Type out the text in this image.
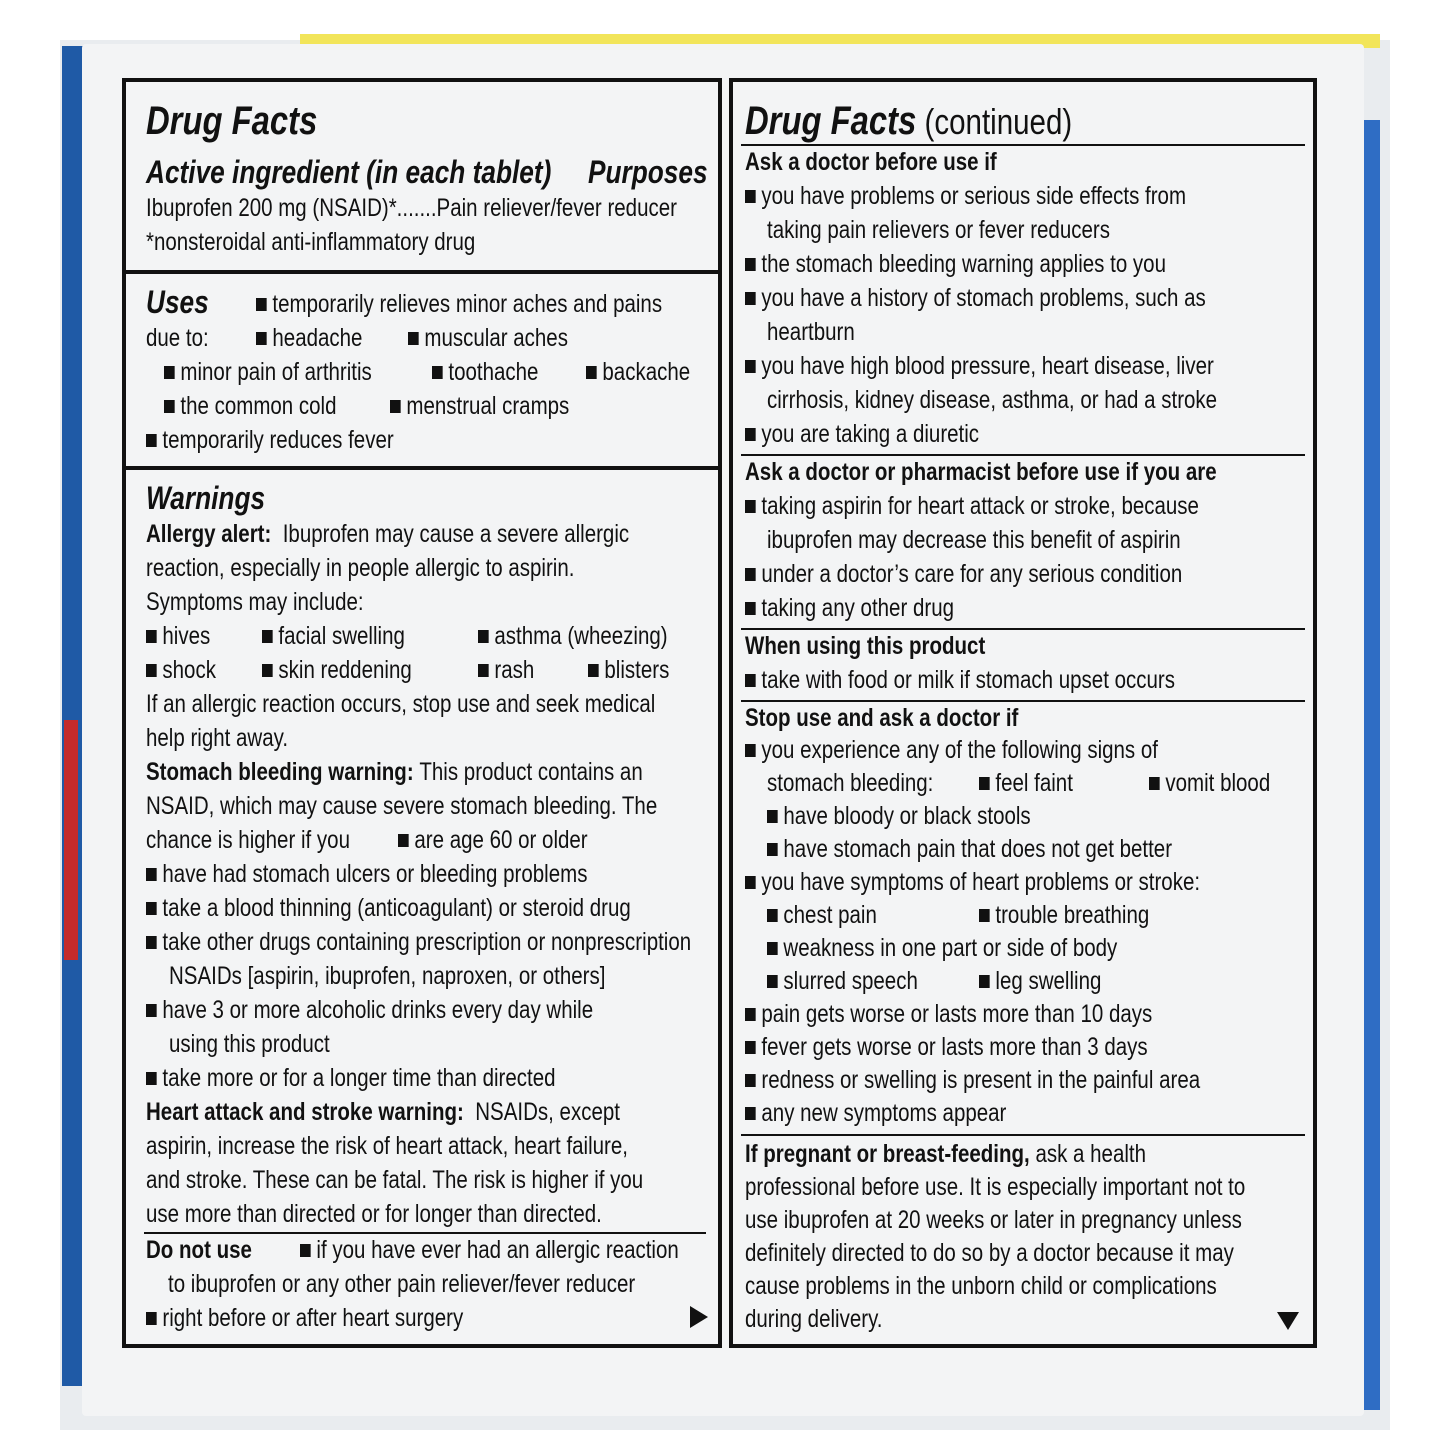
Drug Facts
Active ingredient (in each tablet)	Purposes
Ibuprofen 200 mg (NSAID)*.......Pain reliever/fever reducer
*nonsteroidal anti-inflammatory drug
Uses	temporarily relieves minor aches and pains
due to:	headache	muscular aches
minor pain of arthritis	toothache	backache
the common cold	menstrual cramps
temporarily reduces fever
Warnings
Allergy alert: Ibuprofen may cause a severe allergic
reaction, especially in people allergic to aspirin.
Symptoms may include:
hives	facial swelling	asthma (wheezing)
shock	skin reddening	rash	blisters
If an allergic reaction occurs, stop use and seek medical
help right away.
Stomach bleeding warning: This product contains an
NSAID, which may cause severe stomach bleeding. The
chance is higher if you	are age 60 or older
have had stomach ulcers or bleeding problems
take a blood thinning (anticoagulant) or steroid drug
take other drugs containing prescription or nonprescription
NSAIDs [aspirin, ibuprofen, naproxen, or others]
have 3 or more alcoholic drinks every day while
using this product
take more or for a longer time than directed
Heart attack and stroke warning: NSAIDs, except
aspirin, increase the risk of heart attack, heart failure,
and stroke. These can be fatal. The risk is higher if you
use more than directed or for longer than directed.
Do not use	if you have ever had an allergic reaction
to ibuprofen or any other pain reliever/fever reducer
right before or after heart surgery
Drug Facts (continued)
Ask a doctor before use if
you have problems or serious side effects from
taking pain relievers or fever reducers
the stomach bleeding warning applies to you
you have a history of stomach problems, such as
heartburn
you have high blood pressure, heart disease, liver
cirrhosis, kidney disease, asthma, or had a stroke
you are taking a diuretic
Ask a doctor or pharmacist before use if you are
taking aspirin for heart attack or stroke, because
ibuprofen may decrease this benefit of aspirin
under a doctor’s care for any serious condition
taking any other drug
When using this product
take with food or milk if stomach upset occurs
Stop use and ask a doctor if
you experience any of the following signs of
stomach bleeding:	feel faint	vomit blood
have bloody or black stools
have stomach pain that does not get better
you have symptoms of heart problems or stroke:
chest pain	trouble breathing
weakness in one part or side of body
slurred speech	leg swelling
pain gets worse or lasts more than 10 days
fever gets worse or lasts more than 3 days
redness or swelling is present in the painful area
any new symptoms appear
If pregnant or breast-feeding, ask a health
professional before use. It is especially important not to
use ibuprofen at 20 weeks or later in pregnancy unless
definitely directed to do so by a doctor because it may
cause problems in the unborn child or complications
during delivery.
